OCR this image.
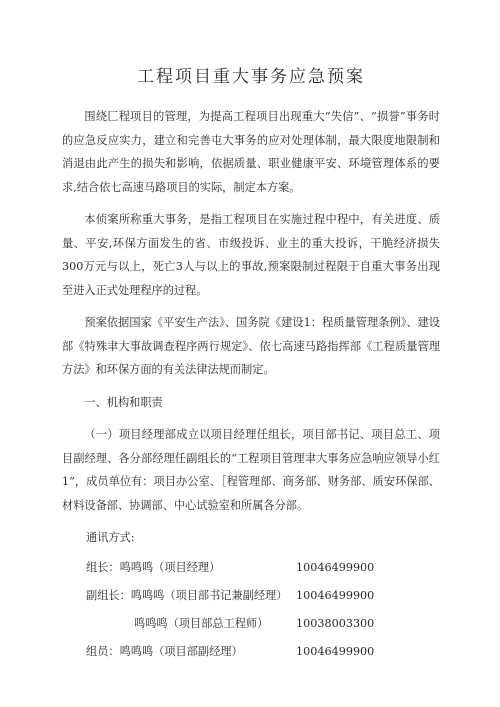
工程项目重大事务应急预案

围绕匚程项目的管理，为提高工程项目出现重大“失信”、“损誉”事务时的应急反应实力，建立和完善屯大事务的应对处理体制，最大限度地限制和消退由此产生的损失和影响，依据质量、职业健康平安、环境管理体系的要求,结合依七高速马路项目的实际，制定本方案。

本侦案所称重大事务，是指工程项目在实施过程中程中，有关进度、质量、平安,环保方面发生的省、市级投诉、业主的重大投诉，干脆经济损失300万元与以上，死亡3人与以上的事故,预案限制过程限于自重大事务出现至进入正式处理程序的过程。

预案依据国家《平安生产法》、国务院《建设1：程质量管理条例》、建设部《特殊聿大事故调查程序两行规定》、依七高速马路指挥部《工程质量管理方法》和环保方面的有关法律法规而制定。

一、机构和职责

（一）项目经理部成立以项目经理任组长，项目部书记、项目总工、项目副经理、各分部经理任副组长的“工程项目管理聿大事务应急响应领导小红1”，成员单位有：项目办公室、［程管理部、商务部、财务部、质安环保部、材料设备部、协调部、中心试验室和所属各分部。

通讯方式:

组长：鸣鸣鸣（项目经理）	10046499900
副组长：鸣鸣鸣（项目部书记兼副经理） 10046499900
鸣鸣鸣（项目部总工程师）	10038003300
组员：鸣鸣鸣（项目部副经理）	10046499900
